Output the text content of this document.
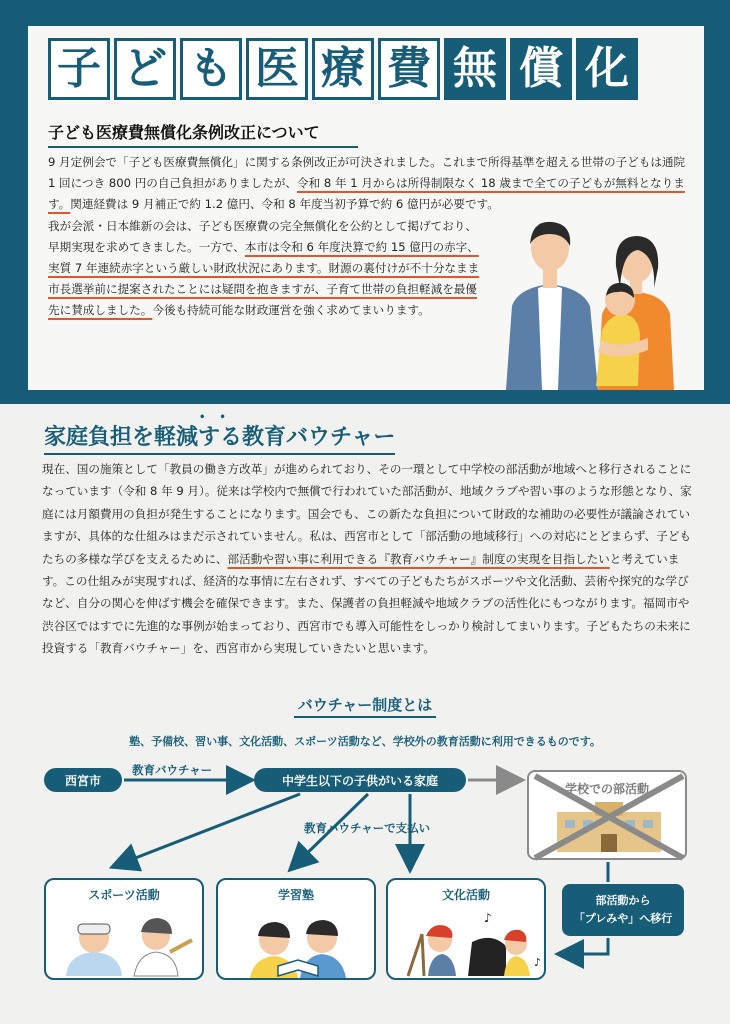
子 ど も 医 療 費 無 償 化
子ども医療費無償化条例改正について
9 月定例会で「子ども医療費無償化」に関する条例改正が可決されました。これまで所得基準を超える世帯の子どもは通院 1 回につき 800 円の自己負担がありましたが、令和 8 年 1 月からは所得制限なく 18 歳まで全ての子どもが無料となります。関連経費は 9 月補正で約 1.2 億円、令和 8 年度当初予算で約 6 億円が必要です。
我が会派・日本維新の会は、子ども医療費の完全無償化を公約として掲げており、早期実現を求めてきました。一方で、本市は令和 6 年度決算で約 15 億円の赤字、実質 7 年連続赤字という厳しい財政状況にあります。財源の裏付けが不十分なまま市長選挙前に提案されたことには疑問を抱きますが、子育て世帯の負担軽減を最優先に賛成しました。今後も持続可能な財政運営を強く求めてまいります。
••
家庭負担を軽減する教育バウチャー
現在、国の施策として「教員の働き方改革」が進められており、その一環として中学校の部活動が地域へと移行されることになっています（令和 8 年 9 月）。従来は学校内で無償で行われていた部活動が、地域クラブや習い事のような形態となり、家庭には月額費用の負担が発生することになります。国会でも、この新たな負担について財政的な補助の必要性が議論されていますが、具体的な仕組みはまだ示されていません。私は、西宮市として「部活動の地域移行」への対応にとどまらず、子どもたちの多様な学びを支えるために、部活動や習い事に利用できる『教育バウチャー』制度の実現を目指したいと考えています。この仕組みが実現すれば、経済的な事情に左右されず、すべての子どもたちがスポーツや文化活動、芸術や探究的な学びなど、自分の関心を伸ばす機会を確保できます。また、保護者の負担軽減や地域クラブの活性化にもつながります。福岡市や渋谷区ではすでに先進的な事例が始まっており、西宮市でも導入可能性をしっかり検討してまいります。子どもたちの未来に投資する「教育バウチャー」を、西宮市から実現していきたいと思います。
バウチャー制度とは
塾、予備校、習い事、文化活動、スポーツ活動など、学校外の教育活動に利用できるものです。
西宮市
教育バウチャー
中学生以下の子供がいる家庭
教育バウチャーで支払い
学校での部活動
部活動から
「プレみや」へ移行
スポーツ活動	学習塾	文化活動
♪
♪
